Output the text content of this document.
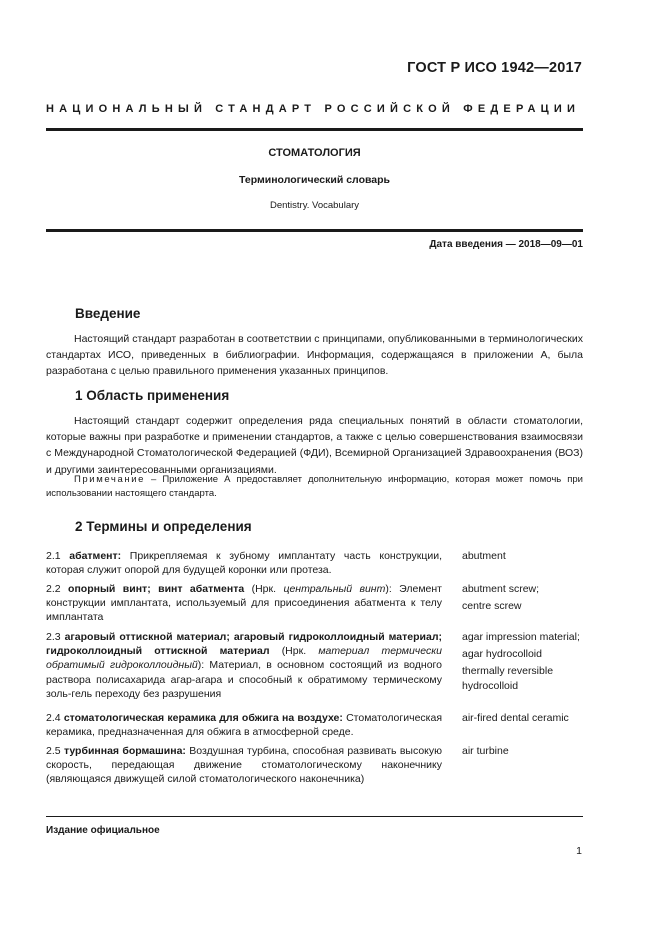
ГОСТ Р ИСО 1942—2017
НАЦИОНАЛЬНЫЙ СТАНДАРТ РОССИЙСКОЙ ФЕДЕРАЦИИ
СТОМАТОЛОГИЯ
Терминологический словарь
Dentistry. Vocabulary
Дата введения — 2018—09—01
Введение
Настоящий стандарт разработан в соответствии с принципами, опубликованными в терминологических стандартах ИСО, приведенных в библиографии. Информация, содержащаяся в приложении А, была разработана с целью правильного применения указанных принципов.
1 Область применения
Настоящий стандарт содержит определения ряда специальных понятий в области стоматологии, которые важны при разработке и применении стандартов, а также с целью совершенствования взаимосвязи с Международной Стоматологической Федерацией (ФДИ), Всемирной Организацией Здравоохранения (ВОЗ) и другими заинтересованными организациями.
Примечание – Приложение А предоставляет дополнительную информацию, которая может помочь при использовании настоящего стандарта.
2 Термины и определения
2.1 абатмент: Прикрепляемая к зубному имплантату часть конструкции, которая служит опорой для будущей коронки или протеза.
abutment
2.2 опорный винт; винт абатмента (Нрк. центральный винт): Элемент конструкции имплантата, используемый для присоединения абатмента к телу имплантата
abutment screw;
centre screw
2.3 агаровый оттискной материал; агаровый гидроколлоидный материал; гидроколлоидный оттискной материал (Нрк. материал термически обратимый гидроколлоидный): Материал, в основном состоящий из водного раствора полисахарида агар-агара и способный к обратимому термическому золь-гель переходу без разрушения
agar impression material;
agar hydrocolloid
thermally reversible hydrocolloid
2.4 стоматологическая керамика для обжига на воздухе: Стоматологическая керамика, предназначенная для обжига в атмосферной среде.
air-fired dental ceramic
2.5 турбинная бормашина: Воздушная турбина, способная развивать высокую скорость, передающая движение стоматологическому наконечнику (являющаяся движущей силой стоматологического наконечника)
air turbine
Издание официальное
1
